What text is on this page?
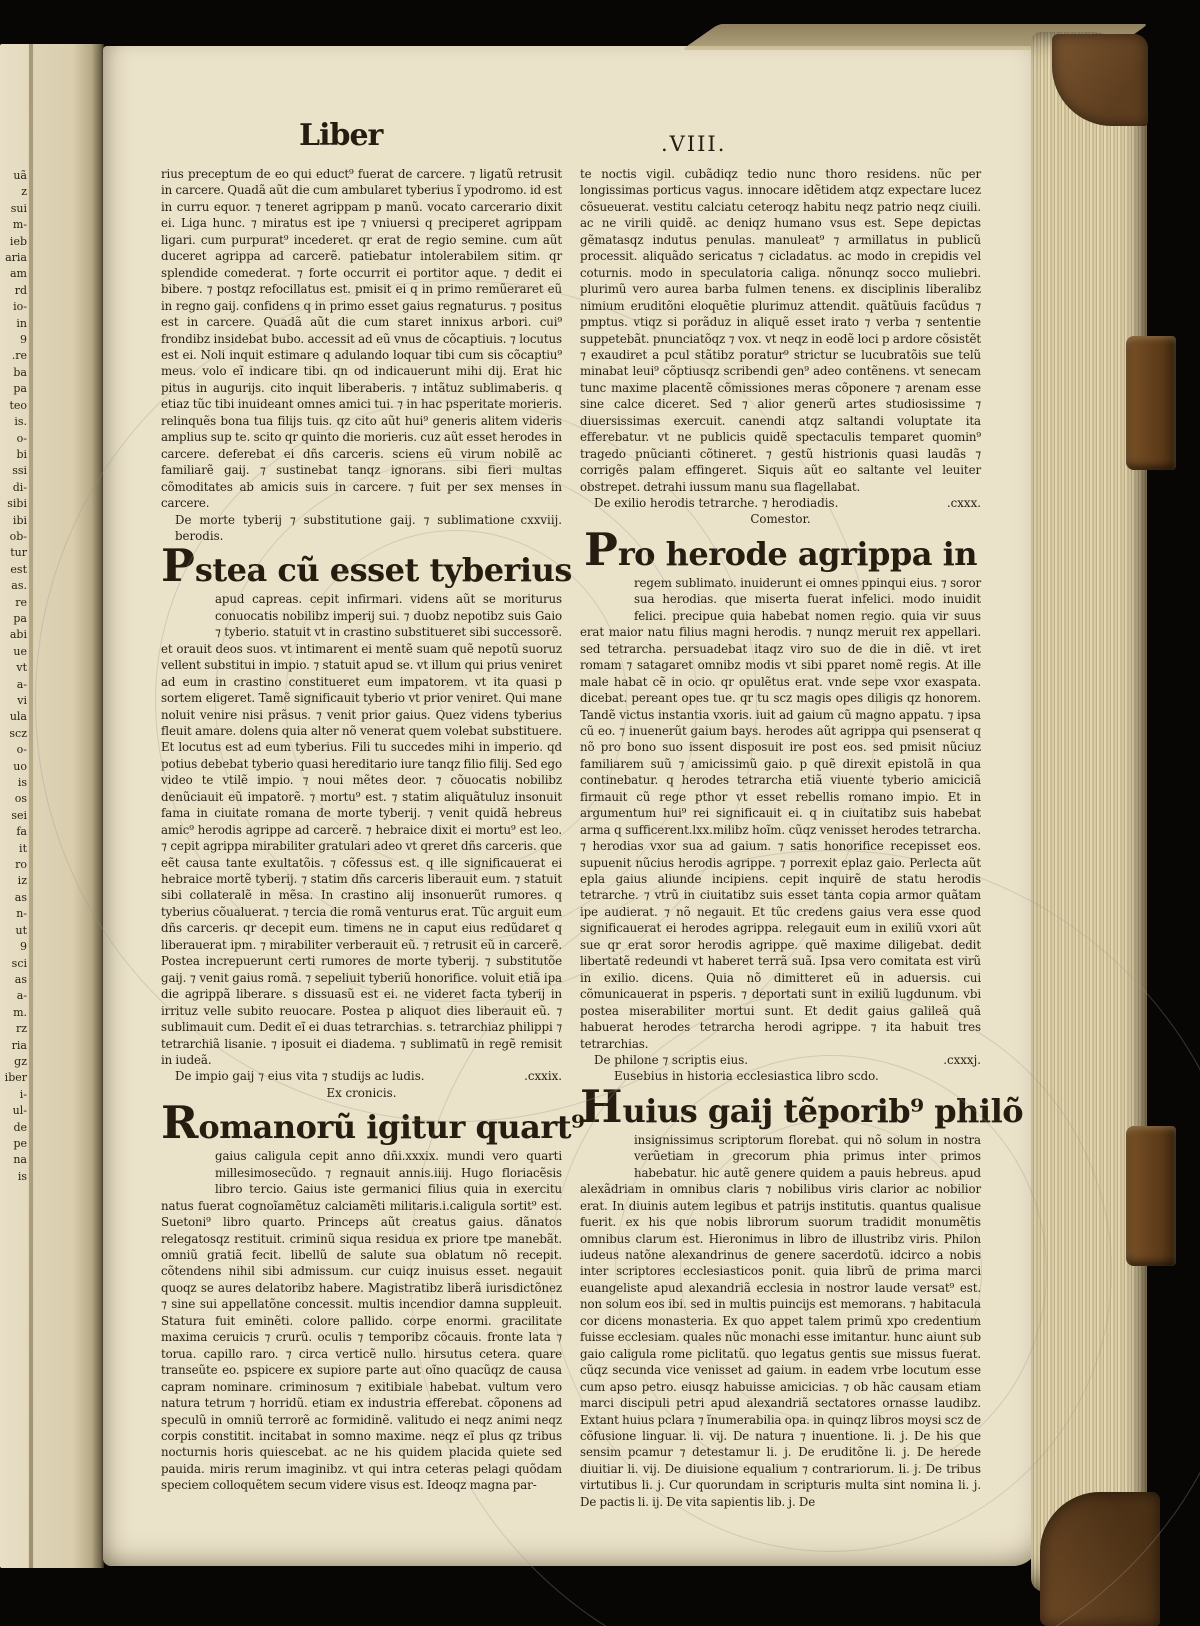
uã
z
sui
m-
ieb
aria
am
rd
io-
in
9
.re
ba
pa
teo
is.
o-
bi
ssi
di-
sibi
ibi
ob-
tur
est
as.
re
pa
abi
ue
vt
a-
vi
ula
scz
o-
uo
is
os
sei
fa
it
ro
iz
as
n-
ut
9
sci
as
a-
m.
rz
ria
gz
iber
i-
ul-
de
pe
na
is
Liber	.VIII.
rius preceptum de eo qui educt⁹ fuerat de carcere. ⁊ ligatũ retrusit in carcere. Quadã aũt die cum ambularet tyberius ĩ ypodromo. id est in curru equor. ⁊ teneret agrippam p manũ. vocato carcerario dixit ei. Liga hunc. ⁊ miratus est ipe ⁊ vniuersi q preciperet agrippam ligari. cum purpurat⁹ incederet. qr erat de regio semine. cum aũt duceret agrippa ad carcerẽ. patiebatur intolerabilem sitim. qr splendide comederat. ⁊ forte occurrit ei portitor aque. ⁊ dedit ei bibere. ⁊ postqz refocillatus est. pmisit ei q in primo remũeraret eũ in regno gaij. confidens q in primo esset gaius regnaturus. ⁊ positus est in carcere. Quadã aũt die cum staret innixus arbori. cui⁹ frondibz insidebat bubo. accessit ad eũ vnus de cõcaptiuis. ⁊ locutus est ei. Noli inquit estimare q adulando loquar tibi cum sis cõcaptiu⁹ meus. volo eĩ indicare tibi. qn od indicauerunt mihi dij. Erat hic pitus in augurijs. cito inquit liberaberis. ⁊ intãtuz sublimaberis. q etiaz tũc tibi inuideant omnes amici tui. ⁊ in hac psperitate morieris. relinquẽs bona tua filijs tuis. qz cito aũt hui⁹ generis alitem videris amplius sup te. scito qr quinto die morieris. cuz aũt esset herodes in carcere. deferebat ei dñs carceris. sciens eũ virum nobilẽ ac familiarẽ gaij. ⁊ sustinebat tanqz ignorans. sibi fieri multas cõmoditates ab amicis suis in carcere. ⁊ fuit per sex menses in carcere.
cxxviij.
De morte tyberij ⁊ substitutione gaij. ⁊ sublimatione berodis.
Pstea cũ esset tyberius
apud capreas. cepit infirmari. videns aũt se moriturus conuocatis nobilibz imperij sui. ⁊ duobz nepotibz suis Gaio ⁊ tyberio. statuit vt in crastino substitueret sibi successorẽ. et orauit deos suos. vt intimarent ei mentẽ suam quẽ nepotũ suoruz vellent substitui in impio. ⁊ statuit apud se. vt illum qui prius veniret ad eum in crastino constitueret eum impatorem. vt ita quasi p sortem eligeret. Tamẽ significauit tyberio vt prior veniret. Qui mane noluit venire nisi prãsus. ⁊ venit prior gaius. Quez videns tyberius fleuit amare. dolens quia alter nõ venerat quem volebat substituere. Et locutus est ad eum tyberius. Fili tu succedes mihi in imperio. qd potius debebat tyberio quasi hereditario iure tanqz filio filij. Sed ego video te vtilẽ impio. ⁊ noui mẽtes deor. ⁊ cõuocatis nobilibz denũciauit eũ impatorẽ. ⁊ mortu⁹ est. ⁊ statim aliquãtuluz insonuit fama in ciuitate romana de morte tyberij. ⁊ venit quidã hebreus amic⁹ herodis agrippe ad carcerẽ. ⁊ hebraice dixit ei mortu⁹ est leo. ⁊ cepit agrippa mirabiliter gratulari adeo vt qreret dñs carceris. que eẽt causa tante exultatõis. ⁊ cõfessus est. q ille significauerat ei hebraice mortẽ tyberij. ⁊ statim dñs carceris liberauit eum. ⁊ statuit sibi collateralẽ in mẽsa. In crastino alij insonuerũt rumores. q tyberius cõualuerat. ⁊ tercia die romã venturus erat. Tũc arguit eum dñs carceris. qr decepit eum. timens ne in caput eius redũdaret q liberauerat ipm. ⁊ mirabiliter verberauit eũ. ⁊ retrusit eũ in carcerẽ. Postea increpuerunt certi rumores de morte tyberij. ⁊ substitutõe gaij. ⁊ venit gaius romã. ⁊ sepeliuit tyberiũ honorifice. voluit etiã ipa die agrippã liberare. s dissuasũ est ei. ne videret facta tyberij in irrituz velle subito reuocare. Postea p aliquot dies liberauit eũ. ⁊ sublimauit cum. Dedit eĩ ei duas tetrarchias. s. tetrarchiaz philippi ⁊ tetrarchiã lisanie. ⁊ iposuit ei diadema. ⁊ sublimatũ in regẽ remisit in iudeã.
.cxxix.
De impio gaij ⁊ eius vita ⁊ studijs ac ludis.
Ex cronicis.
Romanorũ igitur quart⁹
gaius caligula cepit anno dñi.xxxix. mundi vero quarti millesimosecũdo. ⁊ regnauit annis.iiij. Hugo floriacẽsis libro tercio. Gaius iste germanici filius quia in exercitu natus fuerat cognoĩamẽtuz calciamẽti militaris.i.caligula sortit⁹ est. Suetoni⁹ libro quarto. Princeps aũt creatus gaius. dãnatos relegatosqz restituit. criminũ siqua residua ex priore tpe manebãt. omniũ gratiã fecit. libellũ de salute sua oblatum nõ recepit. cõtendens nihil sibi admissum. cur cuiqz inuisus esset. negauit quoqz se aures delatoribz habere. Magistratibz liberã iurisdictõnez ⁊ sine sui appellatõne concessit. multis incendior damna suppleuit. Statura fuit eminẽti. colore pallido. corpe enormi. gracilitate maxima ceruicis ⁊ crurũ. oculis ⁊ temporibz cõcauis. fronte lata ⁊ torua. capillo raro. ⁊ circa verticẽ nullo. hirsutus cetera. quare transeũte eo. pspicere ex supiore parte aut oĩno quacũqz de causa capram nominare. criminosum ⁊ exitibiale habebat. vultum vero natura tetrum ⁊ horridũ. etiam ex industria efferebat. cõponens ad speculũ in omniũ terrorẽ ac formidinẽ. valitudo ei neqz animi neqz corpis constitit. incitabat in somno maxime. neqz eĩ plus qz tribus nocturnis horis quiescebat. ac ne his quidem placida quiete sed pauida. miris rerum imaginibz. vt qui intra ceteras pelagi quõdam speciem colloquẽtem secum videre visus est. Ideoqz magna par-
te noctis vigil. cubãdiqz tedio nunc thoro residens. nũc per longissimas porticus vagus. innocare idẽtidem atqz expectare lucez cõsueuerat. vestitu calciatu ceteroqz habitu neqz patrio neqz ciuili. ac ne virili quidẽ. ac deniqz humano vsus est. Sepe depictas gẽmatasqz indutus penulas. manuleat⁹ ⁊ armillatus in publicũ processit. aliquãdo sericatus ⁊ cicladatus. ac modo in crepidis vel coturnis. modo in speculatoria caliga. nõnunqz socco muliebri. plurimũ vero aurea barba fulmen tenens. ex disciplinis liberalibz nimium eruditõni eloquẽtie plurimuz attendit. quãtũuis facũdus ⁊ pmptus. vtiqz si porãduz in aliquẽ esset irato ⁊ verba ⁊ sententie suppetebãt. pnunciatõqz ⁊ vox. vt neqz in eodẽ loci p ardore cõsistẽt ⁊ exaudiret a pcul stãtibz poratur⁹ strictur se lucubratõis sue telũ minabat leui⁹ cõptiusqz scribendi gen⁹ adeo contẽnens. vt senecam tunc maxime placentẽ cõmissiones meras cõponere ⁊ arenam esse sine calce diceret. Sed ⁊ alior generũ artes studiosissime ⁊ diuersissimas exercuit. canendi atqz saltandi voluptate ita efferebatur. vt ne publicis quidẽ spectaculis temparet quomin⁹ tragedo pnũcianti cõtineret. ⁊ gestũ histrionis quasi laudãs ⁊ corrigẽs palam effingeret. Siquis aũt eo saltante vel leuiter obstrepet. detrahi iussum manu sua flagellabat.
.cxxx.
De exilio herodis tetrarche. ⁊ herodiadis.
Comestor.
Pro herode agrippa in
regem sublimato. inuiderunt ei omnes ppinqui eius. ⁊ soror sua herodias. que miserta fuerat infelici. modo inuidit felici. precipue quia habebat nomen regio. quia vir suus erat maior natu filius magni herodis. ⁊ nunqz meruit rex appellari. sed tetrarcha. persuadebat itaqz viro suo de die in diẽ. vt iret romam ⁊ satagaret omnibz modis vt sibi pparet nomẽ regis. At ille male habat cẽ in ocio. qr opulẽtus erat. vnde sepe vxor exaspata. dicebat. pereant opes tue. qr tu scz magis opes diligis qz honorem. Tandẽ victus instantia vxoris. iuit ad gaium cũ magno appatu. ⁊ ipsa cũ eo. ⁊ inuenerũt gaium bays. herodes aũt agrippa qui psenserat q nõ pro bono suo issent disposuit ire post eos. sed pmisit nũciuz familiarem suũ ⁊ amicissimũ gaio. p quẽ direxit epistolã in qua continebatur. q herodes tetrarcha etiã viuente tyberio amiciciã firmauit cũ rege pthor vt esset rebellis romano impio. Et in argumentum hui⁹ rei significauit ei. q in ciuitatibz suis habebat arma q sufficerent.lxx.milibz hoĩm. cũqz venisset herodes tetrarcha. ⁊ herodias vxor sua ad gaium. ⁊ satis honorifice recepisset eos. supuenit nũcius herodis agrippe. ⁊ porrexit eplaz gaio. Perlecta aũt epla gaius aliunde incipiens. cepit inquirẽ de statu herodis tetrarche. ⁊ vtrũ in ciuitatibz suis esset tanta copia armor quãtam ipe audierat. ⁊ nõ negauit. Et tũc credens gaius vera esse quod significauerat ei herodes agrippa. relegauit eum in exiliũ vxori aũt sue qr erat soror herodis agrippe. quẽ maxime diligebat. dedit libertatẽ redeundi vt haberet terrã suã. Ipsa vero comitata est virũ in exilio. dicens. Quia nõ dimitteret eũ in aduersis. cui cõmunicauerat in psperis. ⁊ deportati sunt in exiliũ lugdunum. vbi postea miserabiliter mortui sunt. Et dedit gaius galileã quã habuerat herodes tetrarcha herodi agrippe. ⁊ ita habuit tres tetrarchias.
.cxxxj.
De philone ⁊ scriptis eius.
Eusebius in historia ecclesiastica libro scdo.
Huius gaij tẽporib⁹ philõ
insignissimus scriptorum florebat. qui nõ solum in nostra verũetiam in grecorum phia primus inter primos habebatur. hic autẽ genere quidem a pauis hebreus. apud alexãdriam in omnibus claris ⁊ nobilibus viris clarior ac nobilior erat. In diuinis autem legibus et patrijs institutis. quantus qualisue fuerit. ex his que nobis librorum suorum tradidit monumẽtis omnibus clarum est. Hieronimus in libro de illustribz viris. Philon iudeus natõne alexandrinus de genere sacerdotũ. idcirco a nobis inter scriptores ecclesiasticos ponit. quia librũ de prima marci euangeliste apud alexandriã ecclesia in nostror laude versat⁹ est. non solum eos ibi. sed in multis puincijs est memorans. ⁊ habitacula cor dicens monasteria. Ex quo appet talem primũ xpo credentium fuisse ecclesiam. quales nũc monachi esse imitantur. hunc aiunt sub gaio caligula rome piclitatũ. quo legatus gentis sue missus fuerat. cũqz secunda vice venisset ad gaium. in eadem vrbe locutum esse cum apso petro. eiusqz habuisse amicicias. ⁊ ob hãc causam etiam marci discipuli petri apud alexandriã sectatores ornasse laudibz. Extant huius pclara ⁊ ĩnumerabilia opa. in quinqz libros moysi scz de cõfusione linguar. li. vij. De natura ⁊ inuentione. li. j. De his que sensim pcamur ⁊ detestamur li. j. De eruditõne li. j. De herede diuitiar li. vij. De diuisione equalium ⁊ contrariorum. li. j. De tribus virtutibus li. j. Cur quorundam in scripturis multa sint nomina li. j. De pactis li. ij. De vita sapientis lib. j. De
